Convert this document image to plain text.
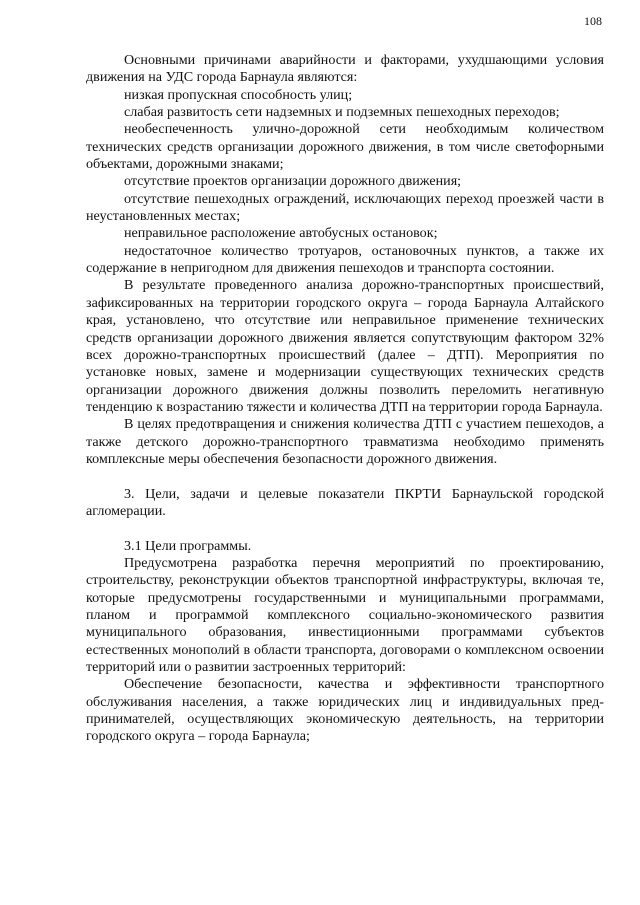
108

Основными причинами аварийности и факторами, ухудшающими условия движения на УДС города Барнаула являются:

низкая пропускная способность улиц;

слабая развитость сети надземных и подземных пешеходных переходов;

необеспеченность улично-дорожной сети необходимым количеством технических средств организации дорожного движения, в том числе светофорными объектами, дорожными знаками;

отсутствие проектов организации дорожного движения;

отсутствие пешеходных ограждений, исключающих переход проезжей части в неустановленных местах;

неправильное расположение автобусных остановок;

недостаточное количество тротуаров, остановочных пунктов, а также их содержание в непригодном для движения пешеходов и транспорта состоянии.

В результате проведенного анализа дорожно-транспортных происшествий, зафиксированных на территории городского округа – города Барнаула Алтайского края, установлено, что отсутствие или неправильное применение технических средств организации дорожного движения является сопутствующим фактором 32% всех дорожно-транспортных происшествий (далее – ДТП). Мероприятия по установке новых, замене и модернизации существующих технических средств организации дорожного движения должны позволить переломить негативную тенденцию к возрастанию тяжести и количества ДТП на территории города Барнаула.

В целях предотвращения и снижения количества ДТП с участием пешеходов, а также детского дорожно-транспортного травматизма необходимо применять комплексные меры обеспечения безопасности дорожного движения.

3. Цели, задачи и целевые показатели ПКРТИ Барнаульской городской агломерации.

3.1 Цели программы.

Предусмотрена разработка перечня мероприятий по проектированию, строительству, реконструкции объектов транспортной инфраструктуры, включая те, которые предусмотрены государственными и муниципальными программами, планом и программой комплексного социально-экономического развития муниципального образования, инвестиционными программами субъектов естественных монополий в области транспорта, договорами о комплексном освоении территорий или о развитии застроенных территорий:

Обеспечение безопасности, качества и эффективности транспортного обслуживания населения, а также юридических лиц и индивидуальных предпринимателей, осуществляющих экономическую деятельность, на территории городского округа – города Барнаула;
